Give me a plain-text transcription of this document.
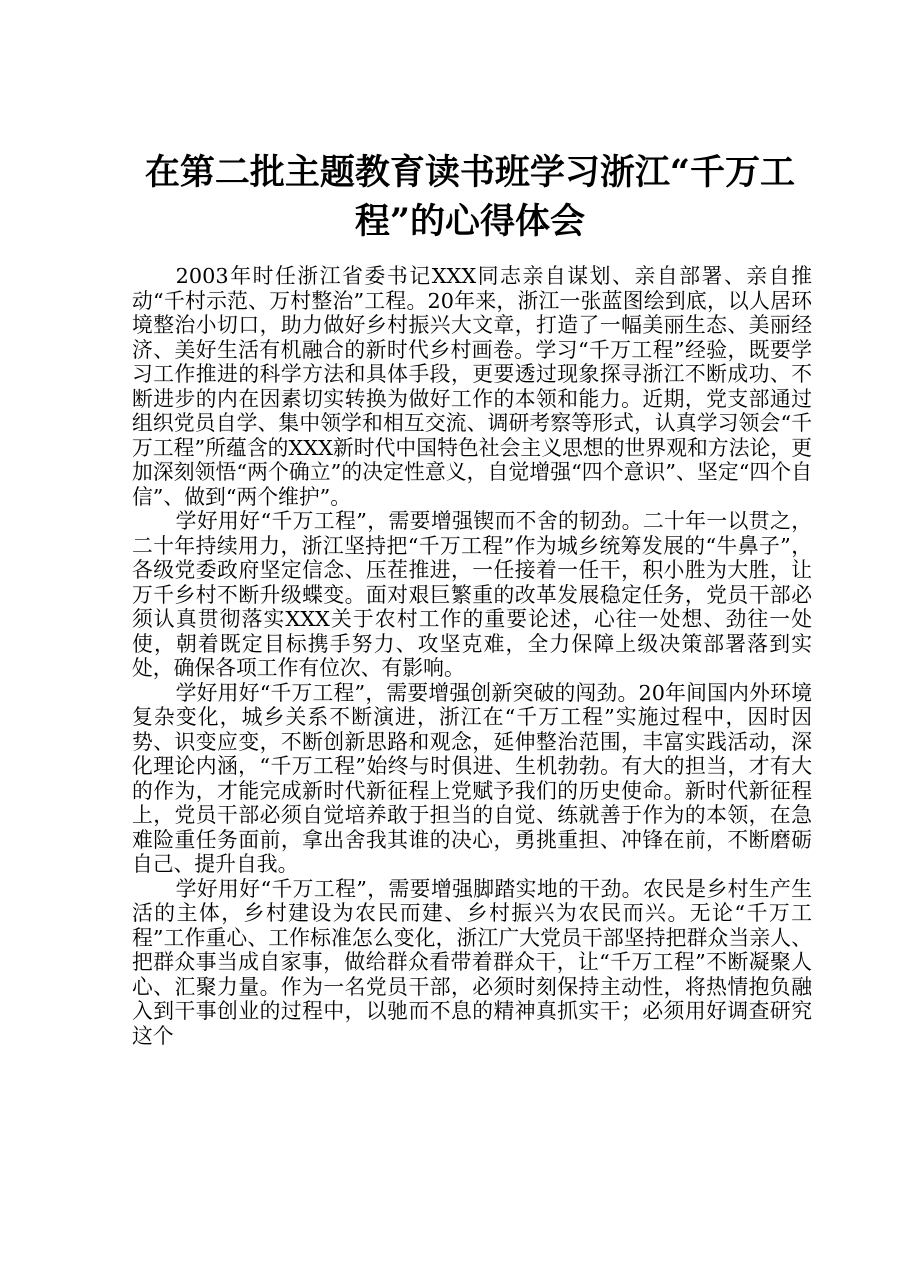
在第二批主题教育读书班学习浙江“千万工程”的心得体会

2003年时任浙江省委书记XXX同志亲自谋划、亲自部署、亲自推动“千村示范、万村整治”工程。20年来，浙江一张蓝图绘到底，以人居环境整治小切口，助力做好乡村振兴大文章，打造了一幅美丽生态、美丽经济、美好生活有机融合的新时代乡村画卷。学习“千万工程”经验，既要学习工作推进的科学方法和具体手段，更要透过现象探寻浙江不断成功、不断进步的内在因素切实转换为做好工作的本领和能力。近期，党支部通过组织党员自学、集中领学和相互交流、调研考察等形式，认真学习领会“千万工程”所蕴含的XXX新时代中国特色社会主义思想的世界观和方法论，更加深刻领悟“两个确立”的决定性意义，自觉增强“四个意识”、坚定“四个自信”、做到“两个维护”。

学好用好“千万工程”，需要增强锲而不舍的韧劲。二十年一以贯之，二十年持续用力，浙江坚持把“千万工程”作为城乡统筹发展的“牛鼻子”，各级党委政府坚定信念、压茬推进，一任接着一任干，积小胜为大胜，让万千乡村不断升级蝶变。面对艰巨繁重的改革发展稳定任务，党员干部必须认真贯彻落实XXX关于农村工作的重要论述，心往一处想、劲往一处使，朝着既定目标携手努力、攻坚克难，全力保障上级决策部署落到实处，确保各项工作有位次、有影响。

学好用好“千万工程”，需要增强创新突破的闯劲。20年间国内外环境复杂变化，城乡关系不断演进，浙江在“千万工程”实施过程中，因时因势、识变应变，不断创新思路和观念，延伸整治范围，丰富实践活动，深化理论内涵，“千万工程”始终与时俱进、生机勃勃。有大的担当，才有大的作为，才能完成新时代新征程上党赋予我们的历史使命。新时代新征程上，党员干部必须自觉培养敢于担当的自觉、练就善于作为的本领，在急难险重任务面前，拿出舍我其谁的决心，勇挑重担、冲锋在前，不断磨砺自己、提升自我。

学好用好“千万工程”，需要增强脚踏实地的干劲。农民是乡村生产生活的主体，乡村建设为农民而建、乡村振兴为农民而兴。无论“千万工程”工作重心、工作标准怎么变化，浙江广大党员干部坚持把群众当亲人、把群众事当成自家事，做给群众看带着群众干，让“千万工程”不断凝聚人心、汇聚力量。作为一名党员干部，必须时刻保持主动性，将热情抱负融入到干事创业的过程中，以驰而不息的精神真抓实干；必须用好调查研究这个
